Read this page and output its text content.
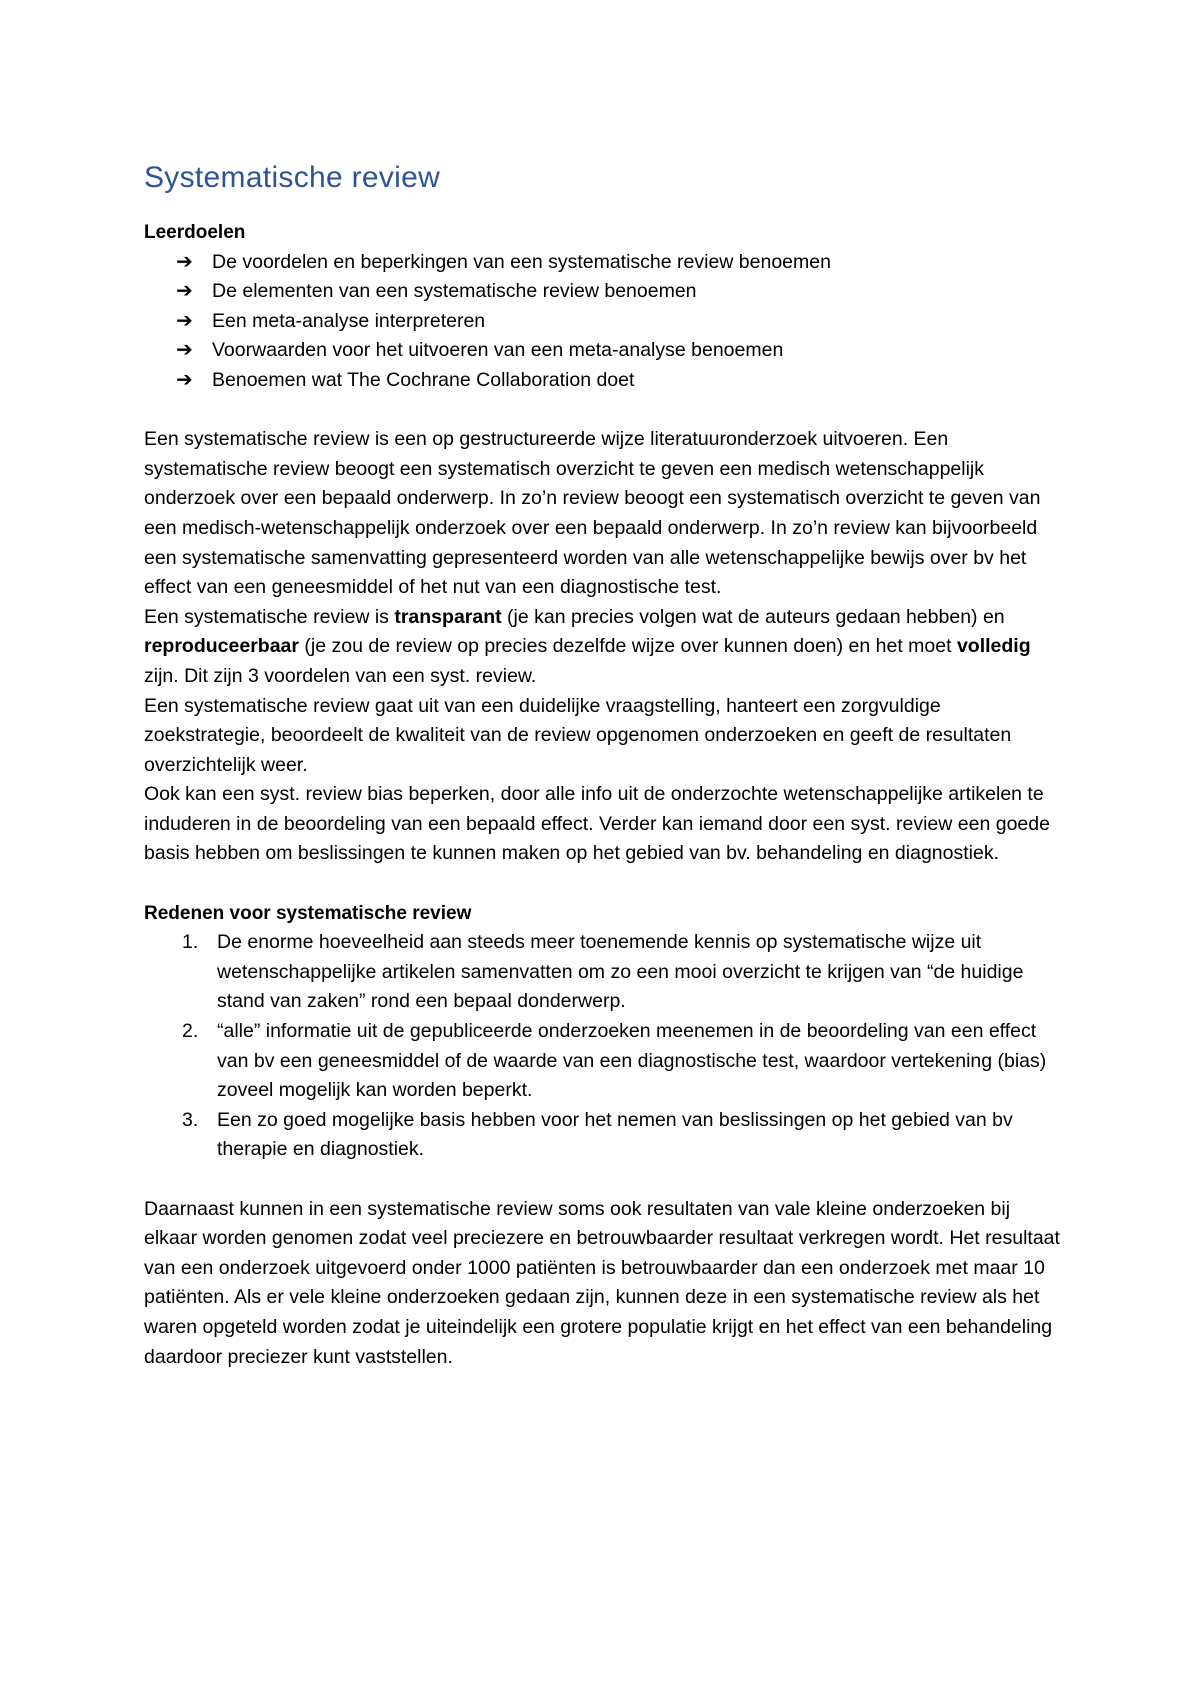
Systematische review

Leerdoelen

➔ De voordelen en beperkingen van een systematische review benoemen
➔ De elementen van een systematische review benoemen
➔ Een meta-analyse interpreteren
➔ Voorwaarden voor het uitvoeren van een meta-analyse benoemen
➔ Benoemen wat The Cochrane Collaboration doet

Een systematische review is een op gestructureerde wijze literatuuronderzoek uitvoeren. Een systematische review beoogt een systematisch overzicht te geven een medisch wetenschappelijk onderzoek over een bepaald onderwerp. In zo’n review beoogt een systematisch overzicht te geven van een medisch-wetenschappelijk onderzoek over een bepaald onderwerp. In zo’n review kan bijvoorbeeld een systematische samenvatting gepresenteerd worden van alle wetenschappelijke bewijs over bv het effect van een geneesmiddel of het nut van een diagnostische test.

Een systematische review is transparant (je kan precies volgen wat de auteurs gedaan hebben) en reproduceerbaar (je zou de review op precies dezelfde wijze over kunnen doen) en het moet volledig zijn. Dit zijn 3 voordelen van een syst. review.

Een systematische review gaat uit van een duidelijke vraagstelling, hanteert een zorgvuldige zoekstrategie, beoordeelt de kwaliteit van de review opgenomen onderzoeken en geeft de resultaten overzichtelijk weer.

Ook kan een syst. review bias beperken, door alle info uit de onderzochte wetenschappelijke artikelen te induderen in de beoordeling van een bepaald effect. Verder kan iemand door een syst. review een goede basis hebben om beslissingen te kunnen maken op het gebied van bv. behandeling en diagnostiek.

Redenen voor systematische review

1. De enorme hoeveelheid aan steeds meer toenemende kennis op systematische wijze uit wetenschappelijke artikelen samenvatten om zo een mooi overzicht te krijgen van “de huidige stand van zaken” rond een bepaal donderwerp.
2. “alle” informatie uit de gepubliceerde onderzoeken meenemen in de beoordeling van een effect van bv een geneesmiddel of de waarde van een diagnostische test, waardoor vertekening (bias) zoveel mogelijk kan worden beperkt.
3. Een zo goed mogelijke basis hebben voor het nemen van beslissingen op het gebied van bv therapie en diagnostiek.

Daarnaast kunnen in een systematische review soms ook resultaten van vale kleine onderzoeken bij elkaar worden genomen zodat veel preciezere en betrouwbaarder resultaat verkregen wordt. Het resultaat van een onderzoek uitgevoerd onder 1000 patiënten is betrouwbaarder dan een onderzoek met maar 10 patiënten. Als er vele kleine onderzoeken gedaan zijn, kunnen deze in een systematische review als het waren opgeteld worden zodat je uiteindelijk een grotere populatie krijgt en het effect van een behandeling daardoor preciezer kunt vaststellen.
